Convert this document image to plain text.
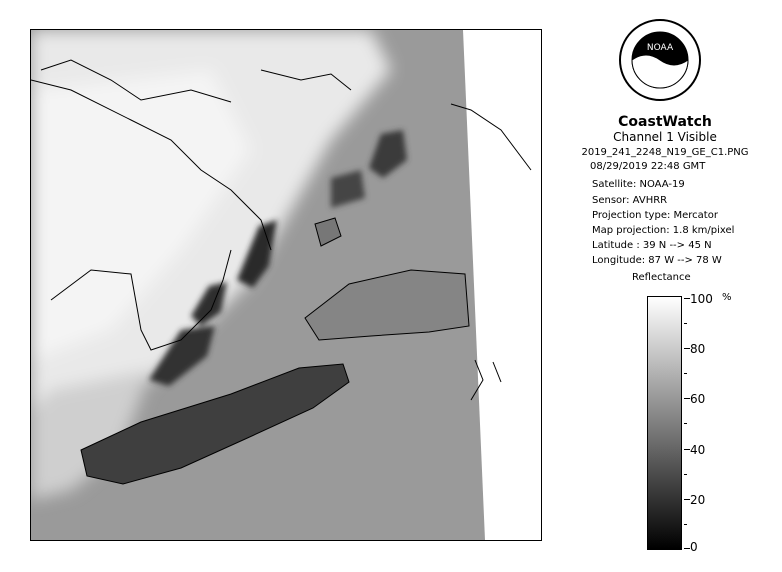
NOAA
CoastWatch
Channel 1 Visible
2019_241_2248_N19_GE_C1.PNG
08/29/2019 22:48 GMT
Satellite: NOAA-19
Sensor: AVHRR
Projection type: Mercator
Map projection: 1.8 km/pixel
Latitude : 39 N --> 45 N
Longitude: 87 W --> 78 W
Reflectance
%
100
80
60
40
20
0
